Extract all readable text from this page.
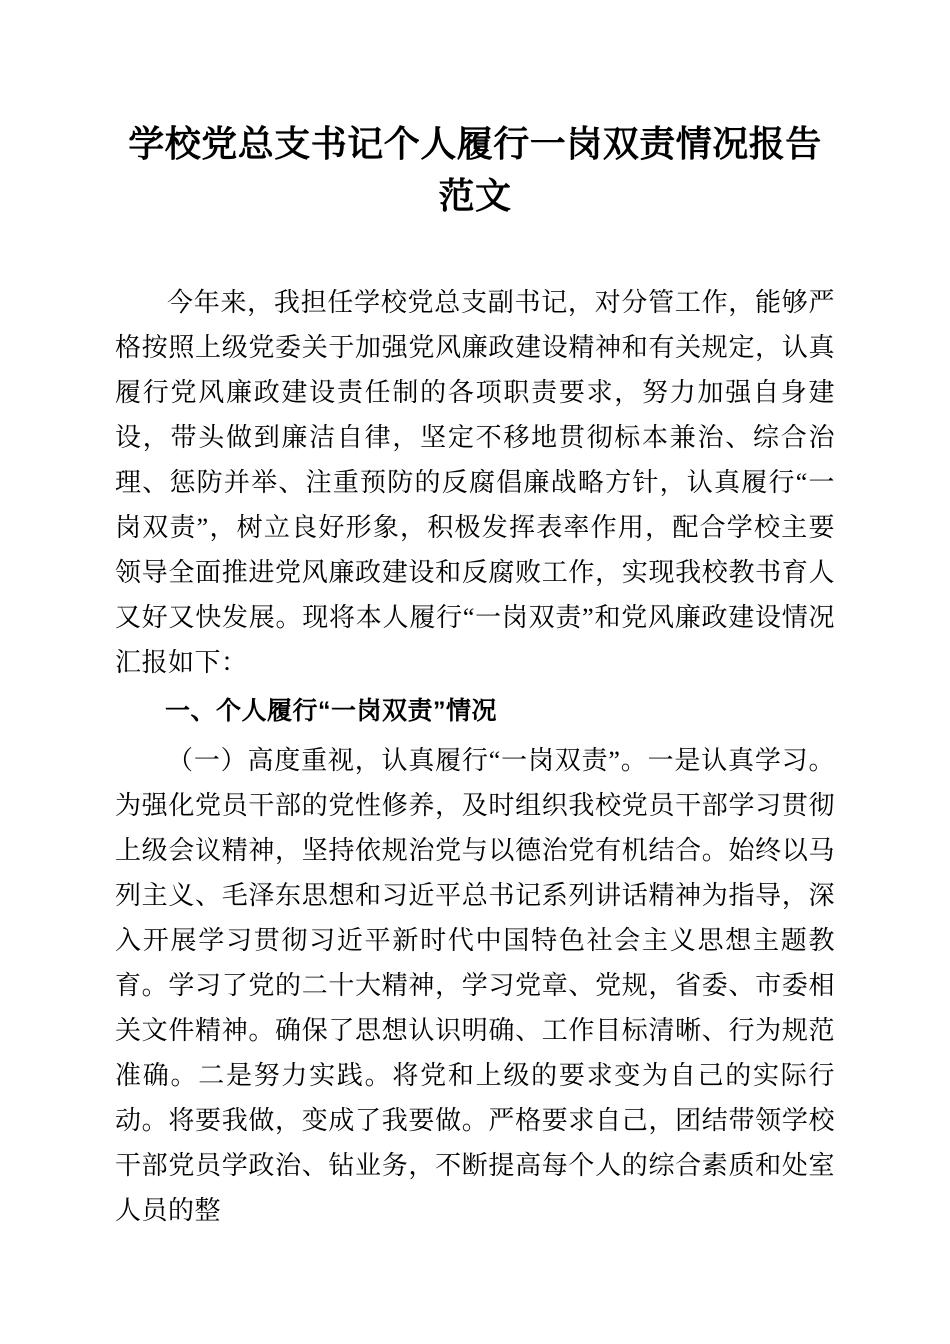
学校党总支书记个人履行一岗双责情况报告范文

今年来，我担任学校党总支副书记，对分管工作，能够严格按照上级党委关于加强党风廉政建设精神和有关规定，认真履行党风廉政建设责任制的各项职责要求，努力加强自身建设，带头做到廉洁自律，坚定不移地贯彻标本兼治、综合治理、惩防并举、注重预防的反腐倡廉战略方针，认真履行“一岗双责”，树立良好形象，积极发挥表率作用，配合学校主要领导全面推进党风廉政建设和反腐败工作，实现我校教书育人又好又快发展。现将本人履行“一岗双责”和党风廉政建设情况汇报如下：

一、个人履行“一岗双责”情况

（一）高度重视，认真履行“一岗双责”。一是认真学习。为强化党员干部的党性修养，及时组织我校党员干部学习贯彻上级会议精神，坚持依规治党与以德治党有机结合。始终以马列主义、毛泽东思想和习近平总书记系列讲话精神为指导，深入开展学习贯彻习近平新时代中国特色社会主义思想主题教育。学习了党的二十大精神，学习党章、党规，省委、市委相关文件精神。确保了思想认识明确、工作目标清晰、行为规范准确。二是努力实践。将党和上级的要求变为自己的实际行动。将要我做，变成了我要做。严格要求自己，团结带领学校干部党员学政治、钻业务，不断提高每个人的综合素质和处室人员的整
